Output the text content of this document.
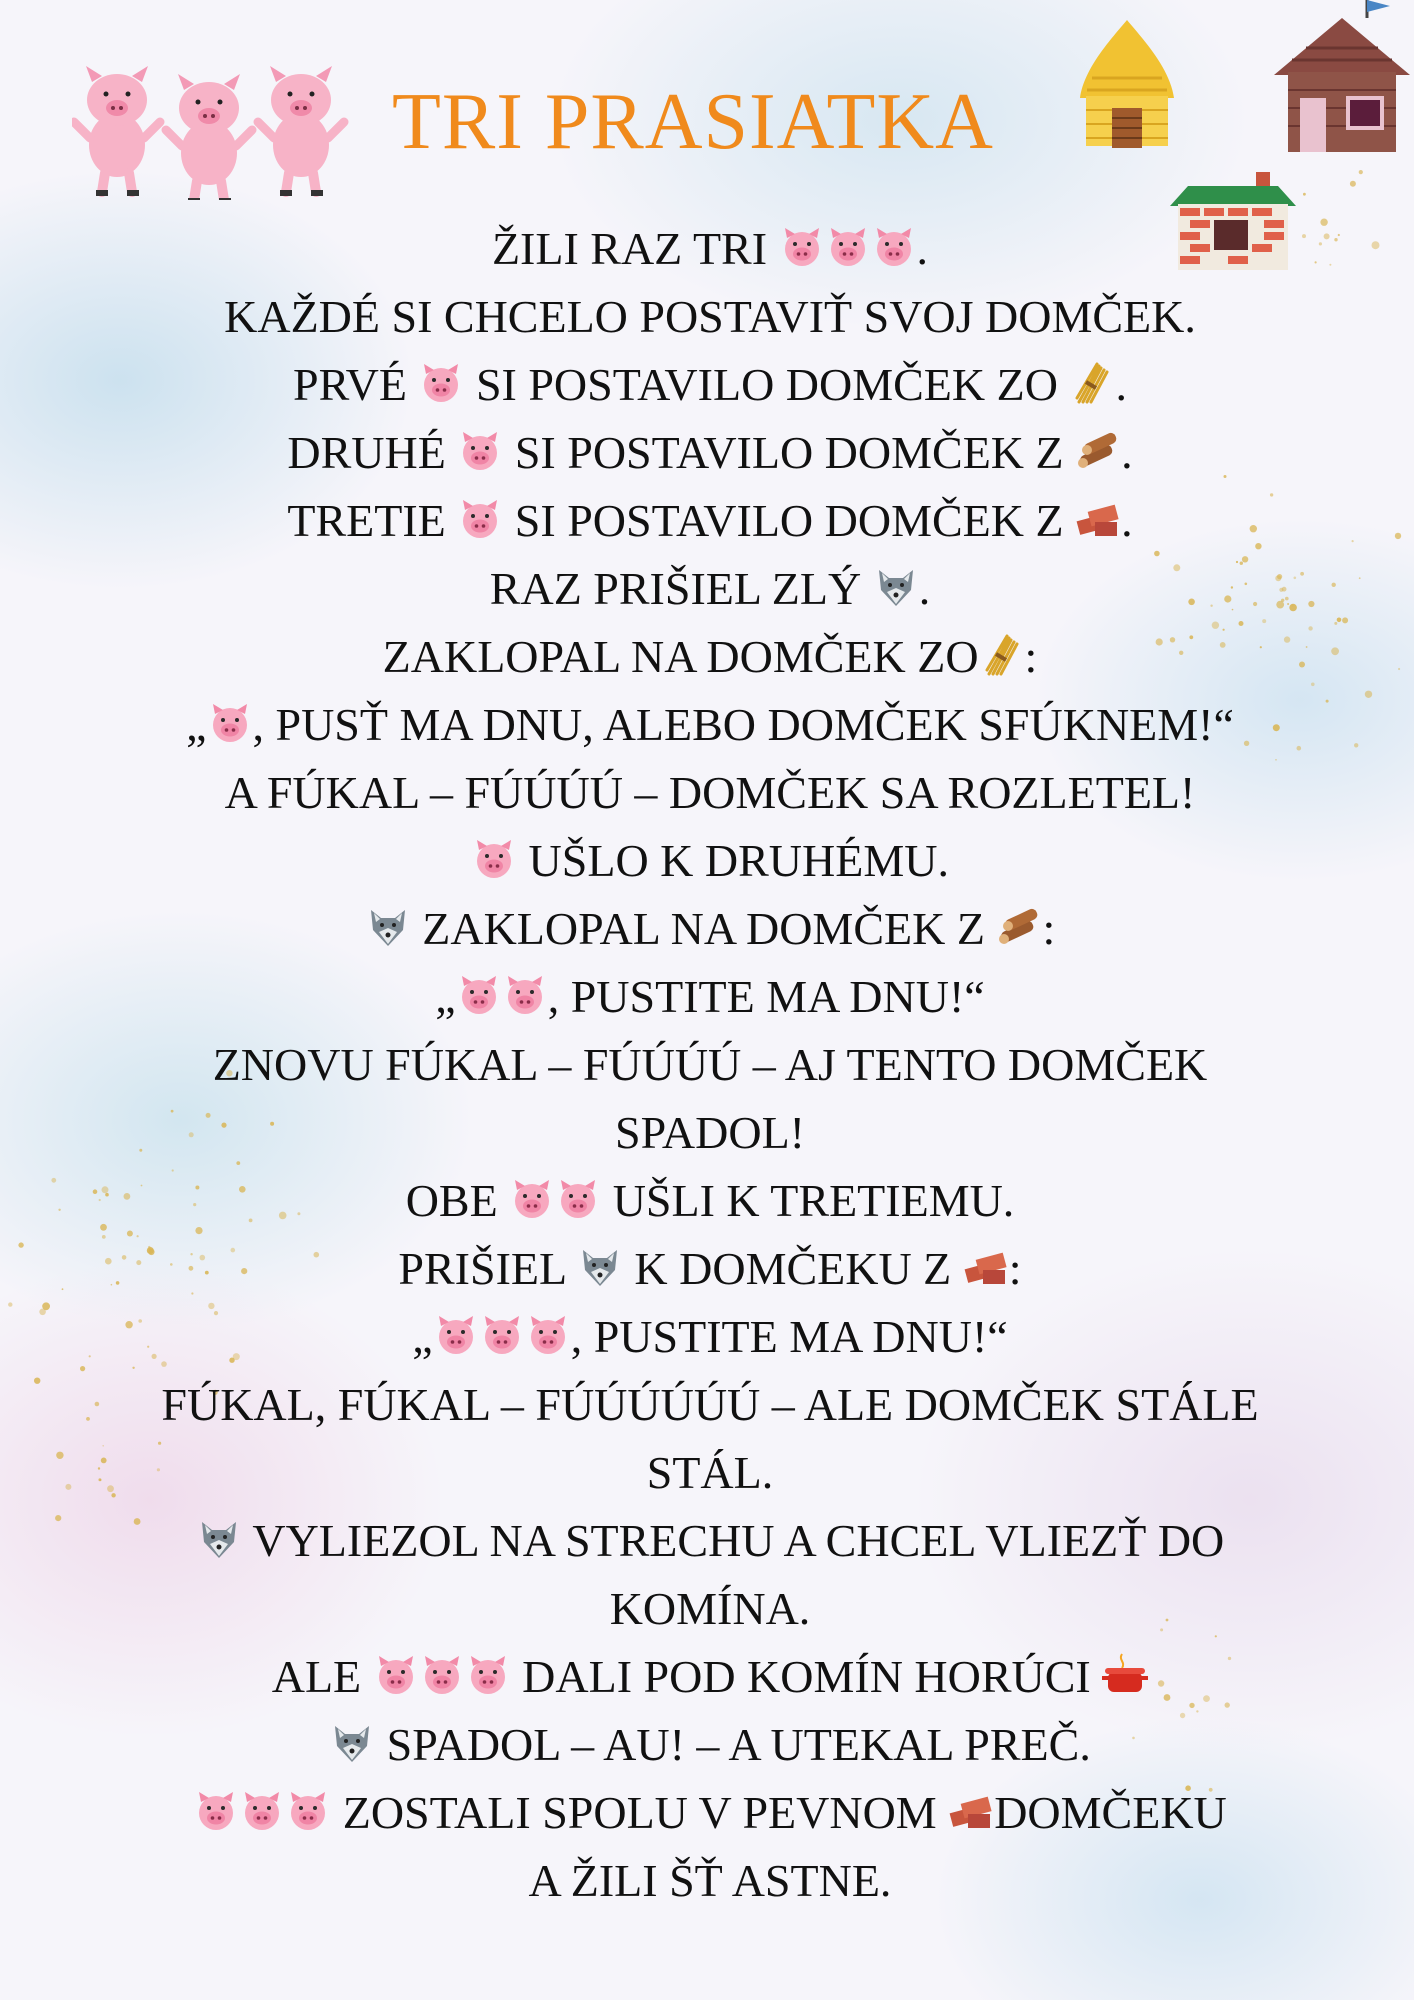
TRI PRASIATKA
ŽILI RAZ TRI	.
KAŽDÉ SI CHCELO POSTAVIŤ SVOJ DOMČEK.
PRVÉ  SI POSTAVILO DOMČEK ZO .
DRUHÉ  SI POSTAVILO DOMČEK Z .
TRETIE  SI POSTAVILO DOMČEK Z .
RAZ PRIŠIEL ZLÝ .
ZAKLOPAL NA DOMČEK ZO :
„ , PUSŤ MA DNU, ALEBO DOMČEK SFÚKNEM!“
A FÚKAL – FÚÚÚÚ – DOMČEK SA ROZLETEL!
UŠLO K DRUHÉMU.
ZAKLOPAL NA DOMČEK Z :
„ , PUSTITE MA DNU!“
ZNOVU FÚKAL – FÚÚÚÚ – AJ TENTO DOMČEK
SPADOL!
OBE  UŠLI K TRETIEMU.
PRIŠIEL  K DOMČEKU Z :
„	, PUSTITE MA DNU!“
FÚKAL, FÚKAL – FÚÚÚÚÚÚ – ALE DOMČEK STÁLE
STÁL.
VYLIEZOL NA STRECHU A CHCEL VLIEZŤ DO
KOMÍNA.
ALE	DALI POD KOMÍN HORÚCI
SPADOL – AU! – A UTEKAL PREČ.
ZOSTALI SPOLU V PEVNOM DOMČEKU
A ŽILI ŠŤ ASTNE.
